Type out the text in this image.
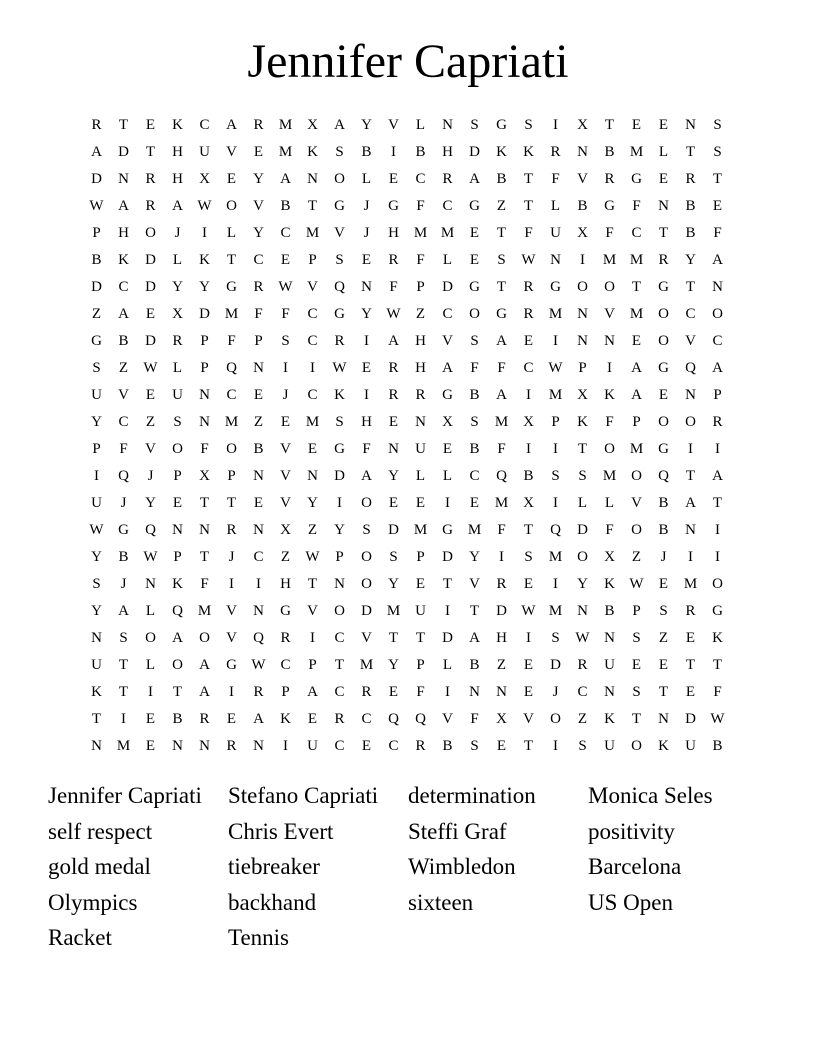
Jennifer Capriati
R T E K C A R M X A Y V L N S G S I X T E E N S
A D T H U V E M K S B I B H D K K R N B M L T S
D N R H X E Y A N O L E C R A B T F V R G E R T
W A R A W O V B T G J G F C G Z T L B G F N B E
P H O J I L Y C M V J H M M E T F U X F C T B F
B K D L K T C E P S E R F L E S W N I M M R Y A
D C D Y Y G R W V Q N F P D G T R G O O T G T N
Z A E X D M F F C G Y W Z C O G R M N V M O C O
G B D R P F P S C R I A H V S A E I N N E O V C
S Z W L P Q N I I W E R H A F F C W P I A G Q A
U V E U N C E J C K I R R G B A I M X K A E N P
Y C Z S N M Z E M S H E N X S M X P K F P O O R
P F V O F O B V E G F N U E B F I I T O M G I I
I Q J P X P N V N D A Y L L C Q B S S M O Q T A
U J Y E T T E V Y I O E E I E M X I L L V B A T
W G Q N N R N X Z Y S D M G M F T Q D F O B N I
Y B W P T J C Z W P O S P D Y I S M O X Z J I I
S J N K F I I H T N O Y E T V R E I Y K W E M O
Y A L Q M V N G V O D M U I T D W M N B P S R G
N S O A O V Q R I C V T T D A H I S W N S Z E K
U T L O A G W C P T M Y P L B Z E D R U E E T T
K T I T A I R P A C R E F I N N E J C N S T E F
T I E B R E A K E R C Q Q V F X V O Z K T N D W
N M E N N R N I U C E C R B S E T I S U O K U B
Jennifer Capriati	Stefano Capriati	determination	Monica Seles
self respect	Chris Evert	Steffi Graf	positivity
gold medal	tiebreaker	Wimbledon	Barcelona
Olympics	backhand	sixteen	US Open
Racket	Tennis
